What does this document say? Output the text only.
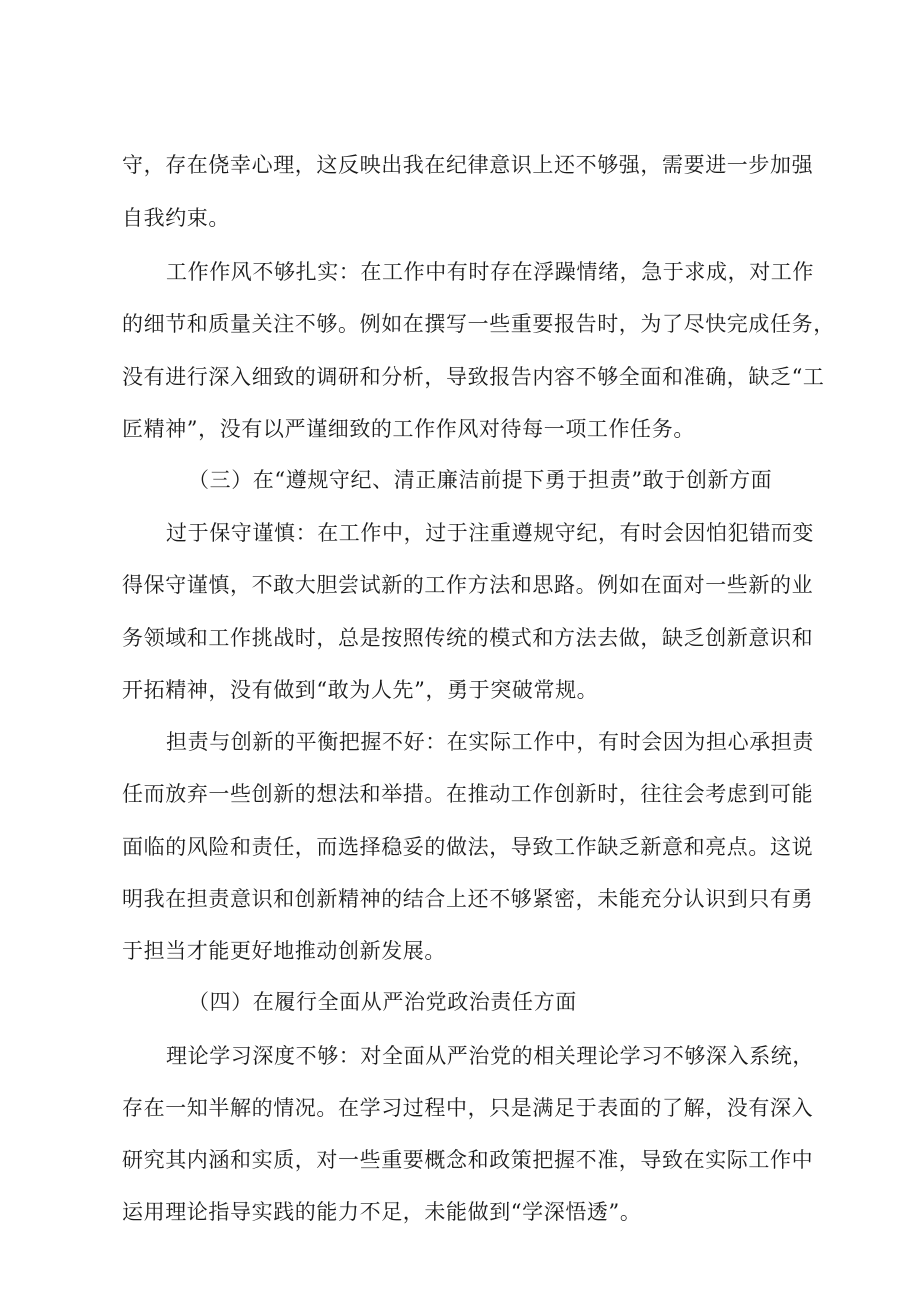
守，存在侥幸心理，这反映出我在纪律意识上还不够强，需要进一步加强
自我约束。
工作作风不够扎实：在工作中有时存在浮躁情绪，急于求成，对工作
的细节和质量关注不够。例如在撰写一些重要报告时，为了尽快完成任务，
没有进行深入细致的调研和分析，导致报告内容不够全面和准确，缺乏“工
匠精神”，没有以严谨细致的工作作风对待每一项工作任务。
（三）在“遵规守纪、清正廉洁前提下勇于担责”敢于创新方面
过于保守谨慎：在工作中，过于注重遵规守纪，有时会因怕犯错而变
得保守谨慎，不敢大胆尝试新的工作方法和思路。例如在面对一些新的业
务领域和工作挑战时，总是按照传统的模式和方法去做，缺乏创新意识和
开拓精神，没有做到“敢为人先”，勇于突破常规。
担责与创新的平衡把握不好：在实际工作中，有时会因为担心承担责
任而放弃一些创新的想法和举措。在推动工作创新时，往往会考虑到可能
面临的风险和责任，而选择稳妥的做法，导致工作缺乏新意和亮点。这说
明我在担责意识和创新精神的结合上还不够紧密，未能充分认识到只有勇
于担当才能更好地推动创新发展。
（四）在履行全面从严治党政治责任方面
理论学习深度不够：对全面从严治党的相关理论学习不够深入系统，
存在一知半解的情况。在学习过程中，只是满足于表面的了解，没有深入
研究其内涵和实质，对一些重要概念和政策把握不准，导致在实际工作中
运用理论指导实践的能力不足，未能做到“学深悟透”。
